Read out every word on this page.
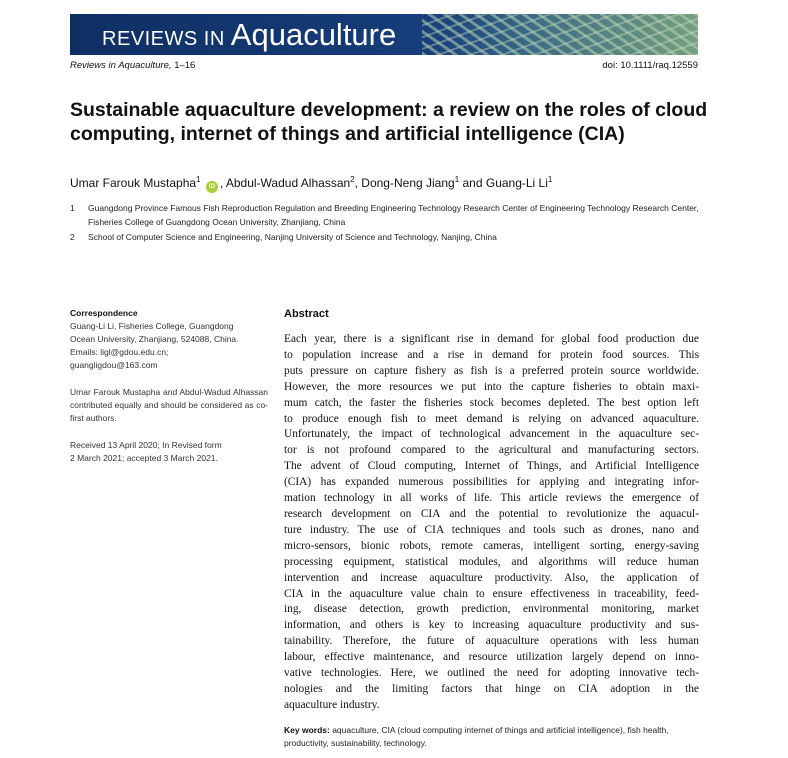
REVIEWS IN Aquaculture
Reviews in Aquaculture, 1–16	doi: 10.1111/raq.12559
Sustainable aquaculture development: a review on the roles of cloud computing, internet of things and artificial intelligence (CIA)
Umar Farouk Mustapha$^1$ iD , Abdul-Wadud Alhassan$^2$, Dong-Neng Jiang$^1$ and Guang-Li Li$^1$
1	Guangdong Province Famous Fish Reproduction Regulation and Breeding Engineering Technology Research Center of Engineering Technology Research Center, Fisheries College of Guangdong Ocean University, Zhanjiang, China
2	School of Computer Science and Engineering, Nanjing University of Science and Technology, Nanjing, China
Correspondence
Guang-Li Li, Fisheries College, Guangdong
Ocean University, Zhanjiang, 524088, China.
Emails: ligl@gdou.edu.cn;
guangligdou@163.com
Umar Farouk Mustapha and Abdul-Wadud Alhassan contributed equally and should be considered as co-first authors.
Received 13 April 2020; In Revised form
2 March 2021; accepted 3 March 2021.
Abstract
Each year, there is a significant rise in demand for global food production due
to population increase and a rise in demand for protein food sources. This
puts pressure on capture fishery as fish is a preferred protein source worldwide.
However, the more resources we put into the capture fisheries to obtain maxi-
mum catch, the faster the fisheries stock becomes depleted. The best option left
to produce enough fish to meet demand is relying on advanced aquaculture.
Unfortunately, the impact of technological advancement in the aquaculture sec-
tor is not profound compared to the agricultural and manufacturing sectors.
The advent of Cloud computing, Internet of Things, and Artificial Intelligence
(CIA) has expanded numerous possibilities for applying and integrating infor-
mation technology in all works of life. This article reviews the emergence of
research development on CIA and the potential to revolutionize the aquacul-
ture industry. The use of CIA techniques and tools such as drones, nano and
micro-sensors, bionic robots, remote cameras, intelligent sorting, energy-saving
processing equipment, statistical modules, and algorithms will reduce human
intervention and increase aquaculture productivity. Also, the application of
CIA in the aquaculture value chain to ensure effectiveness in traceability, feed-
ing, disease detection, growth prediction, environmental monitoring, market
information, and others is key to increasing aquaculture productivity and sus-
tainability. Therefore, the future of aquaculture operations with less human
labour, effective maintenance, and resource utilization largely depend on inno-
vative technologies. Here, we outlined the need for adopting innovative tech-
nologies and the limiting factors that hinge on CIA adoption in the
aquaculture industry.
Key words: aquaculture, CIA (cloud computing internet of things and artificial intelligence), fish health, productivity, sustainability, technology.
